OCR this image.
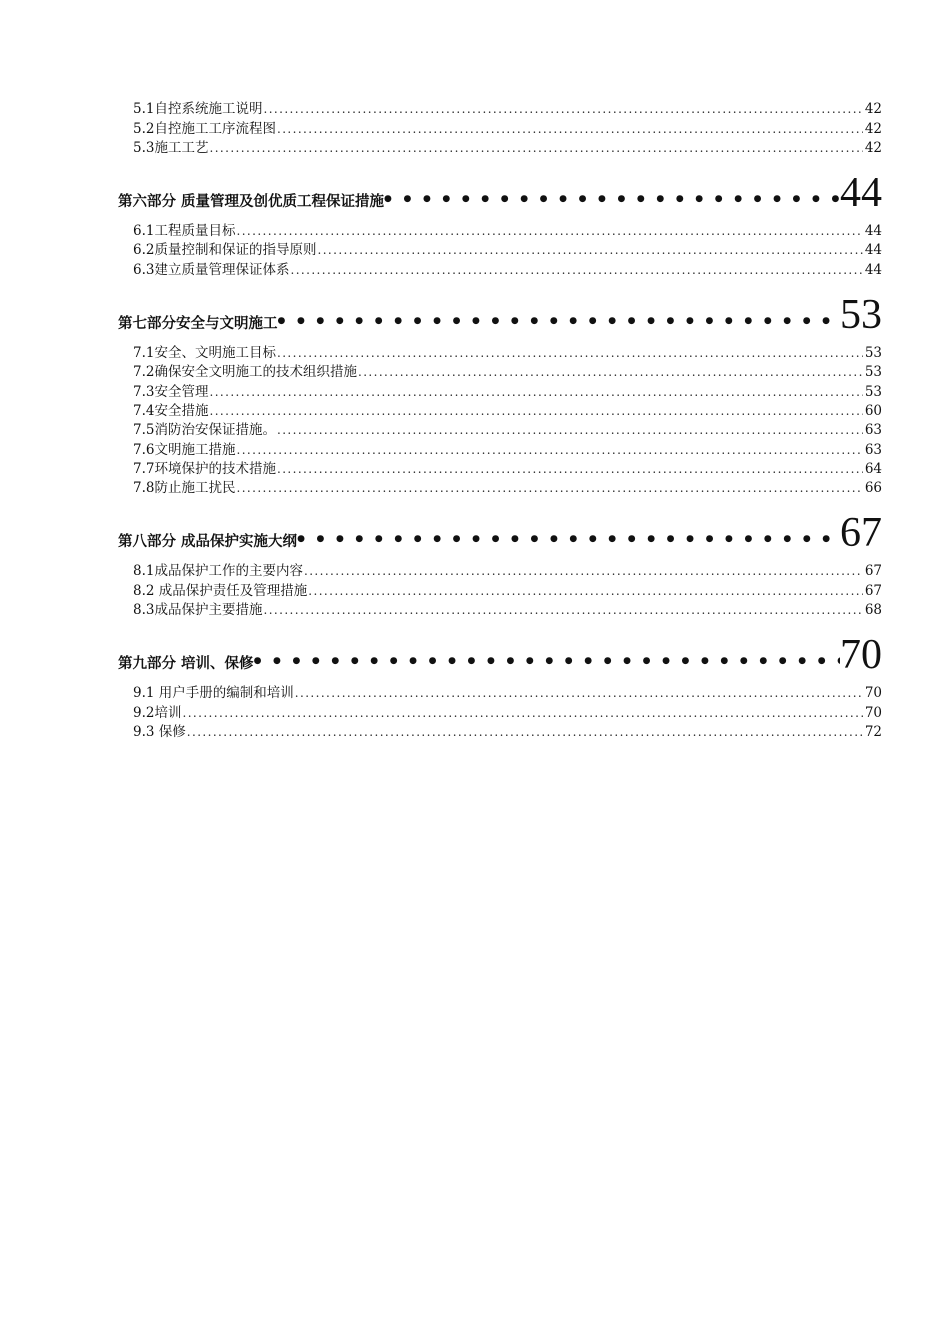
5.1自控系统施工说明 .....	42
5.2自控施工工序流程图 .....	42
5.3施工工艺 .....	42
第六部分 质量管理及创优质工程保证措施 ●●●●●●●●●●●●●●●●●●●●●●●●●●●●●●●●●●●●●●●●●●●●●●●●●●●●●●●●●●●	44
6.1工程质量目标 .....	44
6.2质量控制和保证的指导原则 .....	44
6.3建立质量管理保证体系 .....	44
第七部分安全与文明施工 ●●●●●●●●●●●●●●●●●●●●●●●●●●●●●●●●●●●●●●●●●●●●●●●●●●●●●●●●●●●	53
7.1安全、文明施工目标 .....	53
7.2确保安全文明施工的技术组织措施 .....	53
7.3安全管理 .....	53
7.4安全措施 .....	60
7.5消防治安保证措施。 .....	63
7.6文明施工措施 .....	63
7.7环境保护的技术措施 .....	64
7.8防止施工扰民 .....	66
第八部分 成品保护实施大纲 ●●●●●●●●●●●●●●●●●●●●●●●●●●●●●●●●●●●●●●●●●●●●●●●●●●●●●●●●●●●	67
8.1成品保护工作的主要内容 .....	67
8.2 成品保护责任及管理措施 .....	67
8.3成品保护主要措施 .....	68
第九部分 培训、保修 ●●●●●●●●●●●●●●●●●●●●●●●●●●●●●●●●●●●●●●●●●●●●●●●●●●●●●●●●●●●	70
9.1 用户手册的编制和培训 .....	70
9.2培训 .....	70
9.3 保修 .....	72
